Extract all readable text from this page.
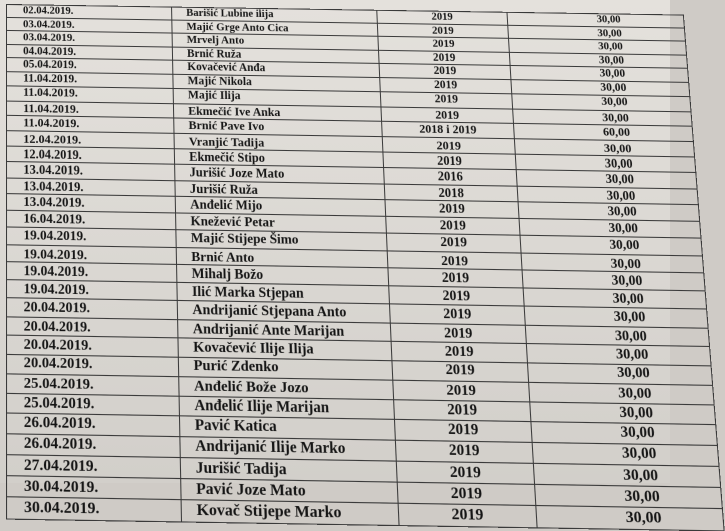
02.04.2019.	Barišić Lubine ilija	2019	30,00
03.04.2019.	Majić Grge Anto Cica	2019	30,00
03.04.2019.	Mrvelj Anto	2019	30,00
04.04.2019.	Brnić Ruža	2019	30,00
05.04.2019.	Kovačević Anđa	2019	30,00
11.04.2019.	Majić Nikola	2019	30,00
11.04.2019.	Majić Ilija	2019	30,00
11.04.2019.	Ekmečić Ive Anka	2019	30,00
11.04.2019.	Brnić Pave Ivo	2018 i 2019	60,00
12.04.2019.	Vranjić Tadija	2019	30,00
12.04.2019.	Ekmečić Stipo	2019	30,00
13.04.2019.	Jurišić Joze Mato	2016	30,00
13.04.2019.	Jurišić Ruža	2018	30,00
13.04.2019.	Anđelić Mijo	2019	30,00
16.04.2019.	Knežević Petar	2019	30,00
19.04.2019.	Majić Stijepe Šimo	2019	30,00
19.04.2019.	Brnić Anto	2019	30,00
19.04.2019.	Mihalj Božo	2019	30,00
19.04.2019.	Ilić Marka Stjepan	2019	30,00
20.04.2019.	Andrijanić Stjepana Anto	2019	30,00
20.04.2019.	Andrijanić Ante Marijan	2019	30,00
20.04.2019.	Kovačević Ilije Ilija	2019	30,00
20.04.2019.	Purić Zdenko	2019	30,00
25.04.2019.	Anđelić Bože Jozo	2019	30,00
25.04.2019.	Anđelić Ilije Marijan	2019	30,00
26.04.2019.	Pavić Katica	2019	30,00
26.04.2019.	Andrijanić Ilije Marko	2019	30,00
27.04.2019.	Jurišić Tadija	2019	30,00
30.04.2019.	Pavić Joze Mato	2019	30,00
30.04.2019.	Kovač Stijepe Marko	2019	30,00
